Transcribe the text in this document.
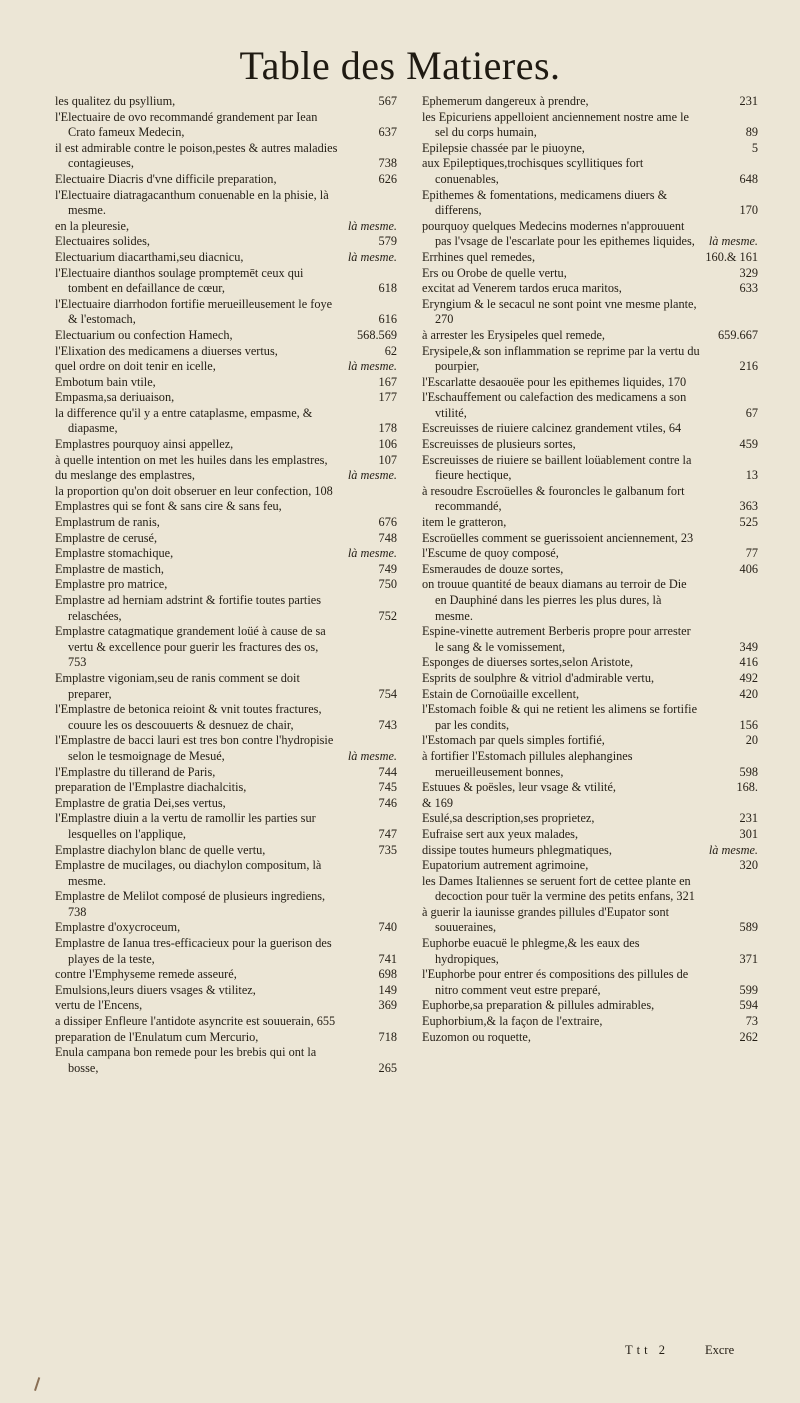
Table des Matieres.

les qualitez du psyllium,	567

l'Electuaire de ovo recommandé grandement par Iean Crato fameux Medecin,	637

il est admirable contre le poison,pestes & autres maladies contagieuses,	738

Electuaire Diacris d'vne difficile preparation,	626

l'Electuaire diatragacanthum conuenable en la phisie, là mesme.

en la pleuresie,	là mesme.

Electuaires solides,	579

Electuarium diacarthami,seu diacnicu,	là mesme.

l'Electuaire dianthos soulage promptemēt ceux qui tombent en defaillance de cœur,	618

l'Electuaire diarrhodon fortifie merueilleusement le foye & l'estomach,	616

Electuarium ou confection Hamech,	568.569

l'Elixation des medicamens a diuerses vertus,	62

quel ordre on doit tenir en icelle,	là mesme.

Embotum bain vtile,	167

Empasma,sa deriuaison,	177

la difference qu'il y a entre cataplasme, empasme, & diapasme,	178

Emplastres pourquoy ainsi appellez,	106

à quelle intention on met les huiles dans les emplastres,	107

du meslange des emplastres,	là mesme.

la proportion qu'on doit obseruer en leur confection, 108

Emplastres qui se font & sans cire & sans feu,

Emplastrum de ranis,	676

Emplastre de cerusé,	748

Emplastre stomachique,	là mesme.

Emplastre de mastich,	749

Emplastre pro matrice,	750

Emplastre ad herniam adstrint & fortifie toutes parties relaschées,	752

Emplastre catagmatique grandement loüé à cause de sa vertu & excellence pour guerir les fractures des os, 753

Emplastre vigoniam,seu de ranis comment se doit preparer,	754

l'Emplastre de betonica reioint & vnit toutes fractures, couure les os descouuerts & desnuez de chair,	743

l'Emplastre de bacci lauri est tres bon contre l'hydropisie selon le tesmoignage de Mesué,	là mesme.

l'Emplastre du tillerand de Paris,	744

preparation de l'Emplastre diachalcitis,	745

Emplastre de gratia Dei,ses vertus,	746

l'Emplastre diuin a la vertu de ramollir les parties sur lesquelles on l'applique,	747

Emplastre diachylon blanc de quelle vertu,	735

Emplastre de mucilages, ou diachylon compositum, là mesme.

Emplastre de Melilot composé de plusieurs ingrediens, 738

Emplastre d'oxycroceum,	740

Emplastre de Ianua tres-efficacieux pour la guerison des playes de la teste,	741

contre l'Emphyseme remede asseuré,	698

Emulsions,leurs diuers vsages & vtilitez,	149

vertu de l'Encens,	369

a dissiper Enfleure l'antidote asyncrite est souuerain, 655

preparation de l'Enulatum cum Mercurio,	718

Enula campana bon remede pour les brebis qui ont la bosse,	265

Ephemerum dangereux à prendre,	231

les Epicuriens appelloient anciennement nostre ame le sel du corps humain,	89

Epilepsie chassée par le piuoyne,	5

aux Epileptiques,trochisques scyllitiques fort conuenables,	648

Epithemes & fomentations, medicamens diuers & differens,	170

pourquoy quelques Medecins modernes n'approuuent pas l'vsage de l'escarlate pour les epithemes liquides,	là mesme.

Errhines quel remedes,	160.& 161

Ers ou Orobe de quelle vertu,	329

excitat ad Venerem tardos eruca maritos,	633

Eryngium & le secacul ne sont point vne mesme plante, 270

à arrester les Erysipeles quel remede,	659.667

Erysipele,& son inflammation se reprime par la vertu du pourpier,	216

l'Escarlatte desaouëe pour les epithemes liquides, 170

l'Eschauffement ou calefaction des medicamens a son vtilité,	67

Escreuisses de riuiere calcinez grandement vtiles, 64

Escreuisses de plusieurs sortes,	459

Escreuisses de riuiere se baillent loüablement contre la fieure hectique,	13

à resoudre Escroüelles & fouroncles le galbanum fort recommandé,	363

item le gratteron,	525

Escroüelles comment se guerissoient anciennement, 23

l'Escume de quoy composé,	77

Esmeraudes de douze sortes,	406

on trouue quantité de beaux diamans au terroir de Die en Dauphiné dans les pierres les plus dures, là mesme.

Espine-vinette autrement Berberis propre pour arrester le sang & le vomissement,	349

Esponges de diuerses sortes,selon Aristote,	416

Esprits de soulphre & vitriol d'admirable vertu,	492

Estain de Cornoüaille excellent,	420

l'Estomach foible & qui ne retient les alimens se fortifie par les condits,	156

l'Estomach par quels simples fortifié,	20

à fortifier l'Estomach pillules alephangines merueilleusement bonnes,	598

Estuues & poësles, leur vsage & vtilité,	168.

& 169

Esulé,sa description,ses proprietez,	231

Eufraise sert aux yeux malades,	301

dissipe toutes humeurs phlegmatiques,	là mesme.

Eupatorium autrement agrimoine,	320

les Dames Italiennes se seruent fort de cettee plante en decoction pour tuër la vermine des petits enfans, 321

à guerir la iaunisse grandes pillules d'Eupator sont souueraines,	589

Euphorbe euacuë le phlegme,& les eaux des hydropiques,	371

l'Euphorbe pour entrer és compositions des pillules de nitro comment veut estre preparé,	599

Euphorbe,sa preparation & pillules admirables,	594

Euphorbium,& la façon de l'extraire,	73

Euzomon ou roquette,	262

Ttt 2	Excre
